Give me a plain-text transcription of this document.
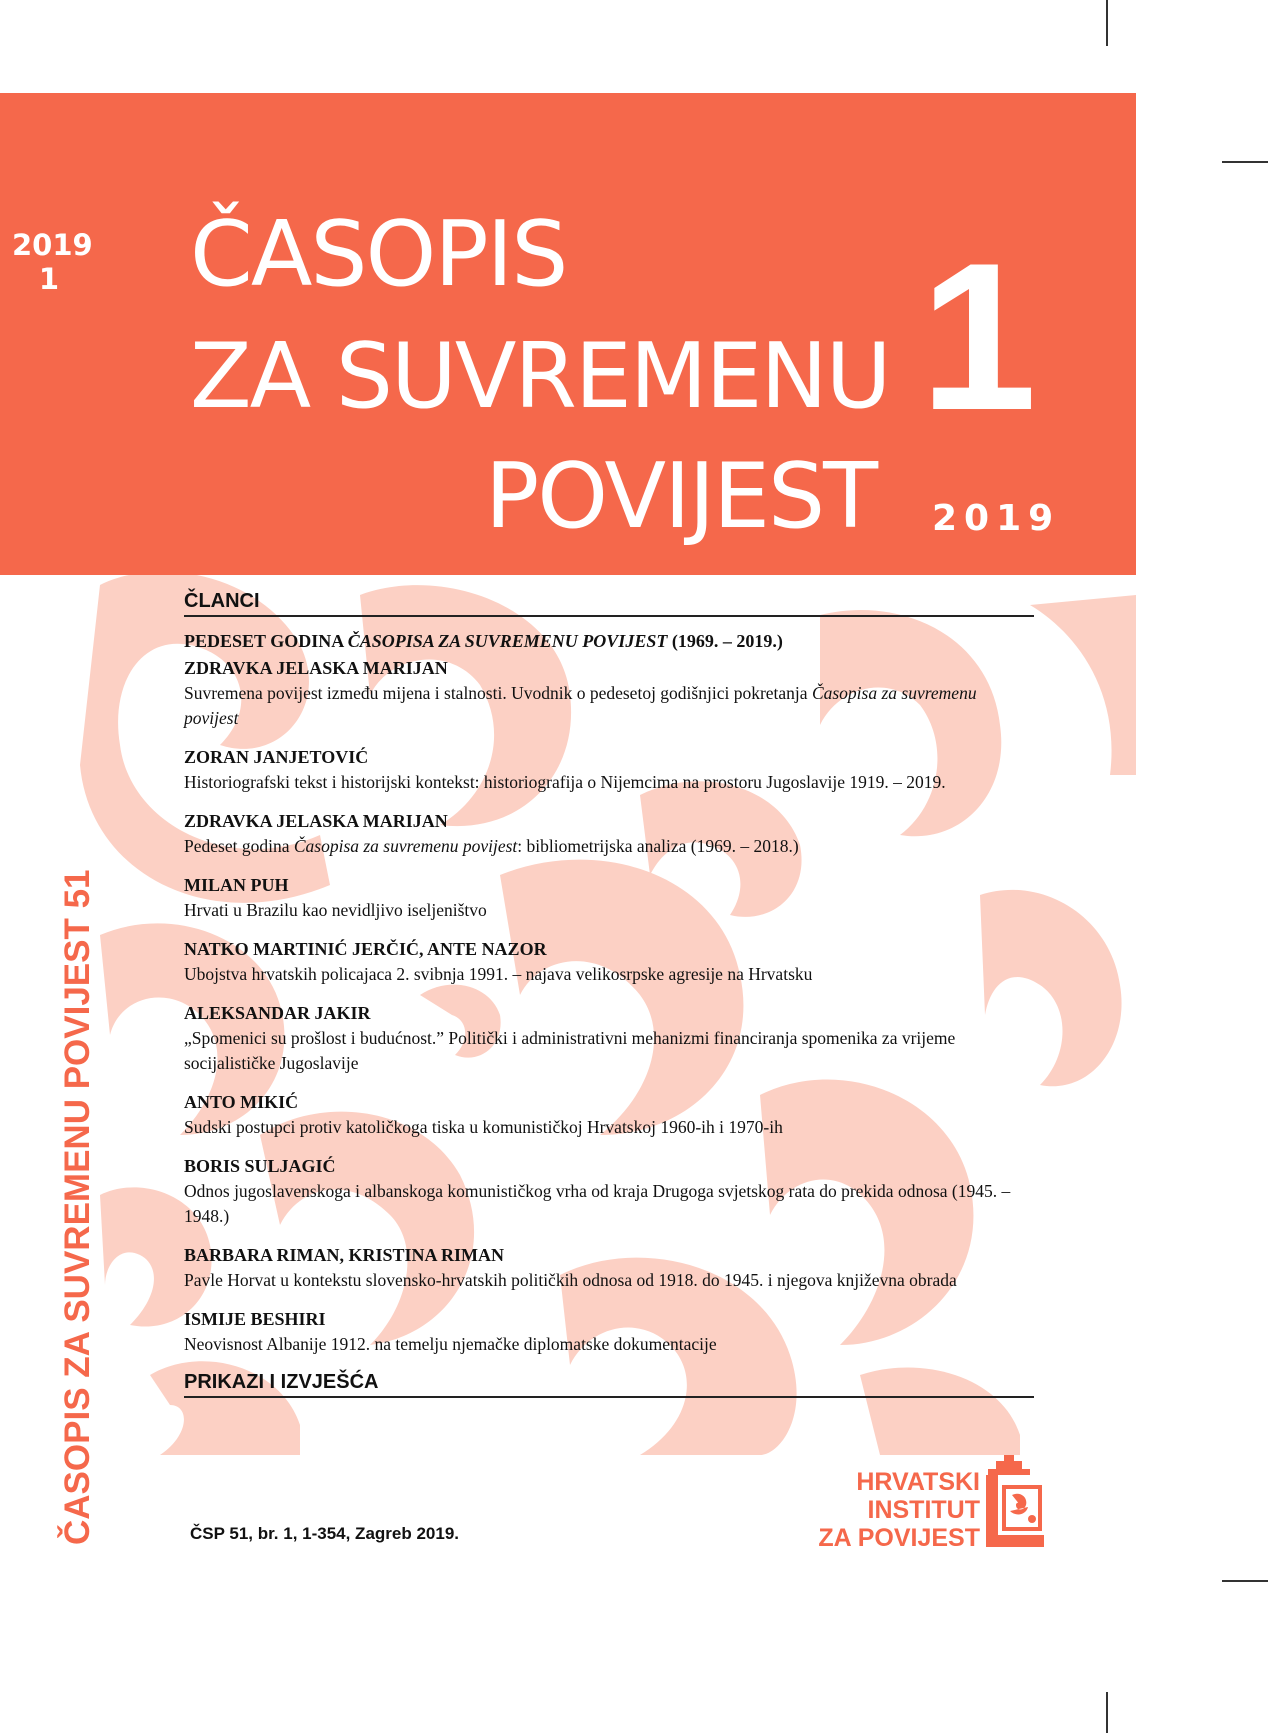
2019
1 ČASOPIS
ZA SUVREMENU
POVIJEST
1
2019
ČASOPIS ZA SUVREMENU POVIJEST 51
ČLANCI
PEDESET GODINA ČASOPISA ZA SUVREMENU POVIJEST (1969. – 2019.)
ZDRAVKA JELASKA MARIJAN
Suvremena povijest između mijena i stalnosti. Uvodnik o pedesetoj godišnjici pokretanja Časopisa za suvremenu povijest
ZORAN JANJETOVIĆ
Historiografski tekst i historijski kontekst: historiografija o Nijemcima na prostoru Jugoslavije 1919. – 2019.
ZDRAVKA JELASKA MARIJAN
Pedeset godina Časopisa za suvremenu povijest: bibliometrijska analiza (1969. – 2018.)
MILAN PUH
Hrvati u Brazilu kao nevidljivo iseljeništvo
NATKO MARTINIĆ JERČIĆ, ANTE NAZOR
Ubojstva hrvatskih policajaca 2. svibnja 1991. – najava velikosrpske agresije na Hrvatsku
ALEKSANDAR JAKIR
„Spomenici su prošlost i budućnost.” Politički i administrativni mehanizmi financiranja spomenika za vrijeme socijalističke Jugoslavije
ANTO MIKIĆ
Sudski postupci protiv katoličkoga tiska u komunističkoj Hrvatskoj 1960-ih i 1970-ih
BORIS SULJAGIĆ
Odnos jugoslavenskoga i albanskoga komunističkog vrha od kraja Drugoga svjetskog rata do prekida odnosa (1945. – 1948.)
BARBARA RIMAN, KRISTINA RIMAN
Pavle Horvat u kontekstu slovensko-hrvatskih političkih odnosa od 1918. do 1945. i njegova književna obrada
ISMIJE BESHIRI
Neovisnost Albanije 1912. na temelju njemačke diplomatske dokumentacije
PRIKAZI I IZVJEŠĆA
ČSP 51, br. 1, 1-354, Zagreb 2019.
HRVATSKI
INSTITUT
ZA POVIJEST
